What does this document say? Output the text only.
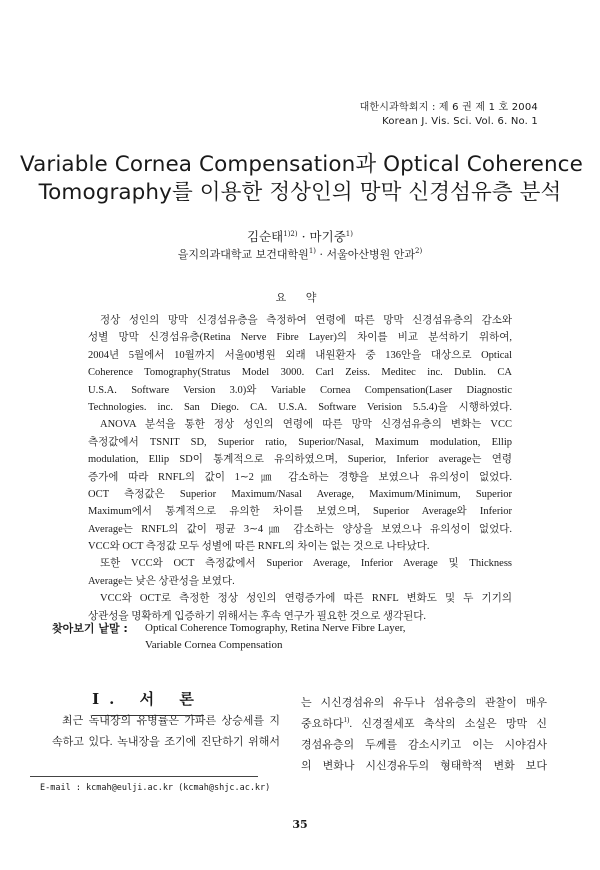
대한시과학회지 : 제 6 권 제 1 호 2004
Korean J. Vis. Sci. Vol. 6. No. 1
Variable Cornea Compensation과 Optical Coherence
Tomography를 이용한 정상인의 망막 신경섬유층 분석
김순태$^{1)2)}$ · 마기중$^{1)}$
을지의과대학교 보건대학원$^{1)}$ · 서울아산병원 안과$^{2)}$
요 약
정상 성인의 망막 신경섬유층을 측정하여 연령에 따른 망막 신경섬유층의 감소와
성별 망막 신경섬유층(Retina Nerve Fibre Layer)의 차이를 비교 분석하기 위하여,
2004년 5월에서 10월까지 서울00병원 외래 내원환자 중 136안을 대상으로 Optical
Coherence Tomography(Stratus Model 3000. Carl Zeiss. Meditec inc. Dublin. CA
U.S.A. Software Version 3.0)와 Variable Cornea Compensation(Laser Diagnostic
Technologies. inc. San Diego. CA. U.S.A. Software Verision 5.5.4)을 시행하였다.
ANOVA 분석을 통한 정상 성인의 연령에 따른 망막 신경섬유층의 변화는 VCC
측정값에서 TSNIT SD, Superior ratio, Superior/Nasal, Maximum modulation, Ellip
modulation, Ellip SD이 통계적으로 유의하였으며, Superior, Inferior average는 연령
증가에 따라 RNFL의 값이 1∼2㎛ 감소하는 경향을 보였으나 유의성이 없었다.
OCT 측정값은 Superior Maximum/Nasal Average, Maximum/Minimum, Superior
Maximum에서 통계적으로 유의한 차이를 보였으며, Superior Average와 Inferior
Average는 RNFL의 값이 평균 3∼4㎛ 감소하는 양상을 보였으나 유의성이 없었다.
VCC와 OCT 측정값 모두 성별에 따른 RNFL의 차이는 없는 것으로 나타났다.
또한 VCC와 OCT 측정값에서 Superior Average, Inferior Average 및 Thickness
Average는 낮은 상관성을 보였다.
VCC와 OCT로 측정한 정상 성인의 연령증가에 따른 RNFL 변화도 및 두 기기의
상관성을 명확하게 입증하기 위해서는 후속 연구가 필요한 것으로 생각된다.
찾아보기 낱말 : Optical Coherence Tomography, Retina Nerve Fibre Layer,
Variable Cornea Compensation
I. 서 론
최근 녹내장의 유병률은 가파른 상승세를 지
속하고 있다. 녹내장을 조기에 진단하기 위해서
는 시신경섬유의 유두나 섬유층의 관찰이 매우
중요하다$^{1)}$. 신경절세포 축삭의 소실은 망막 신
경섬유층의 두께를 감소시키고 이는 시야검사
의 변화나 시신경유두의 형태학적 변화 보다
E-mail : kcmah@eulji.ac.kr (kcmah@shjc.ac.kr)
35
